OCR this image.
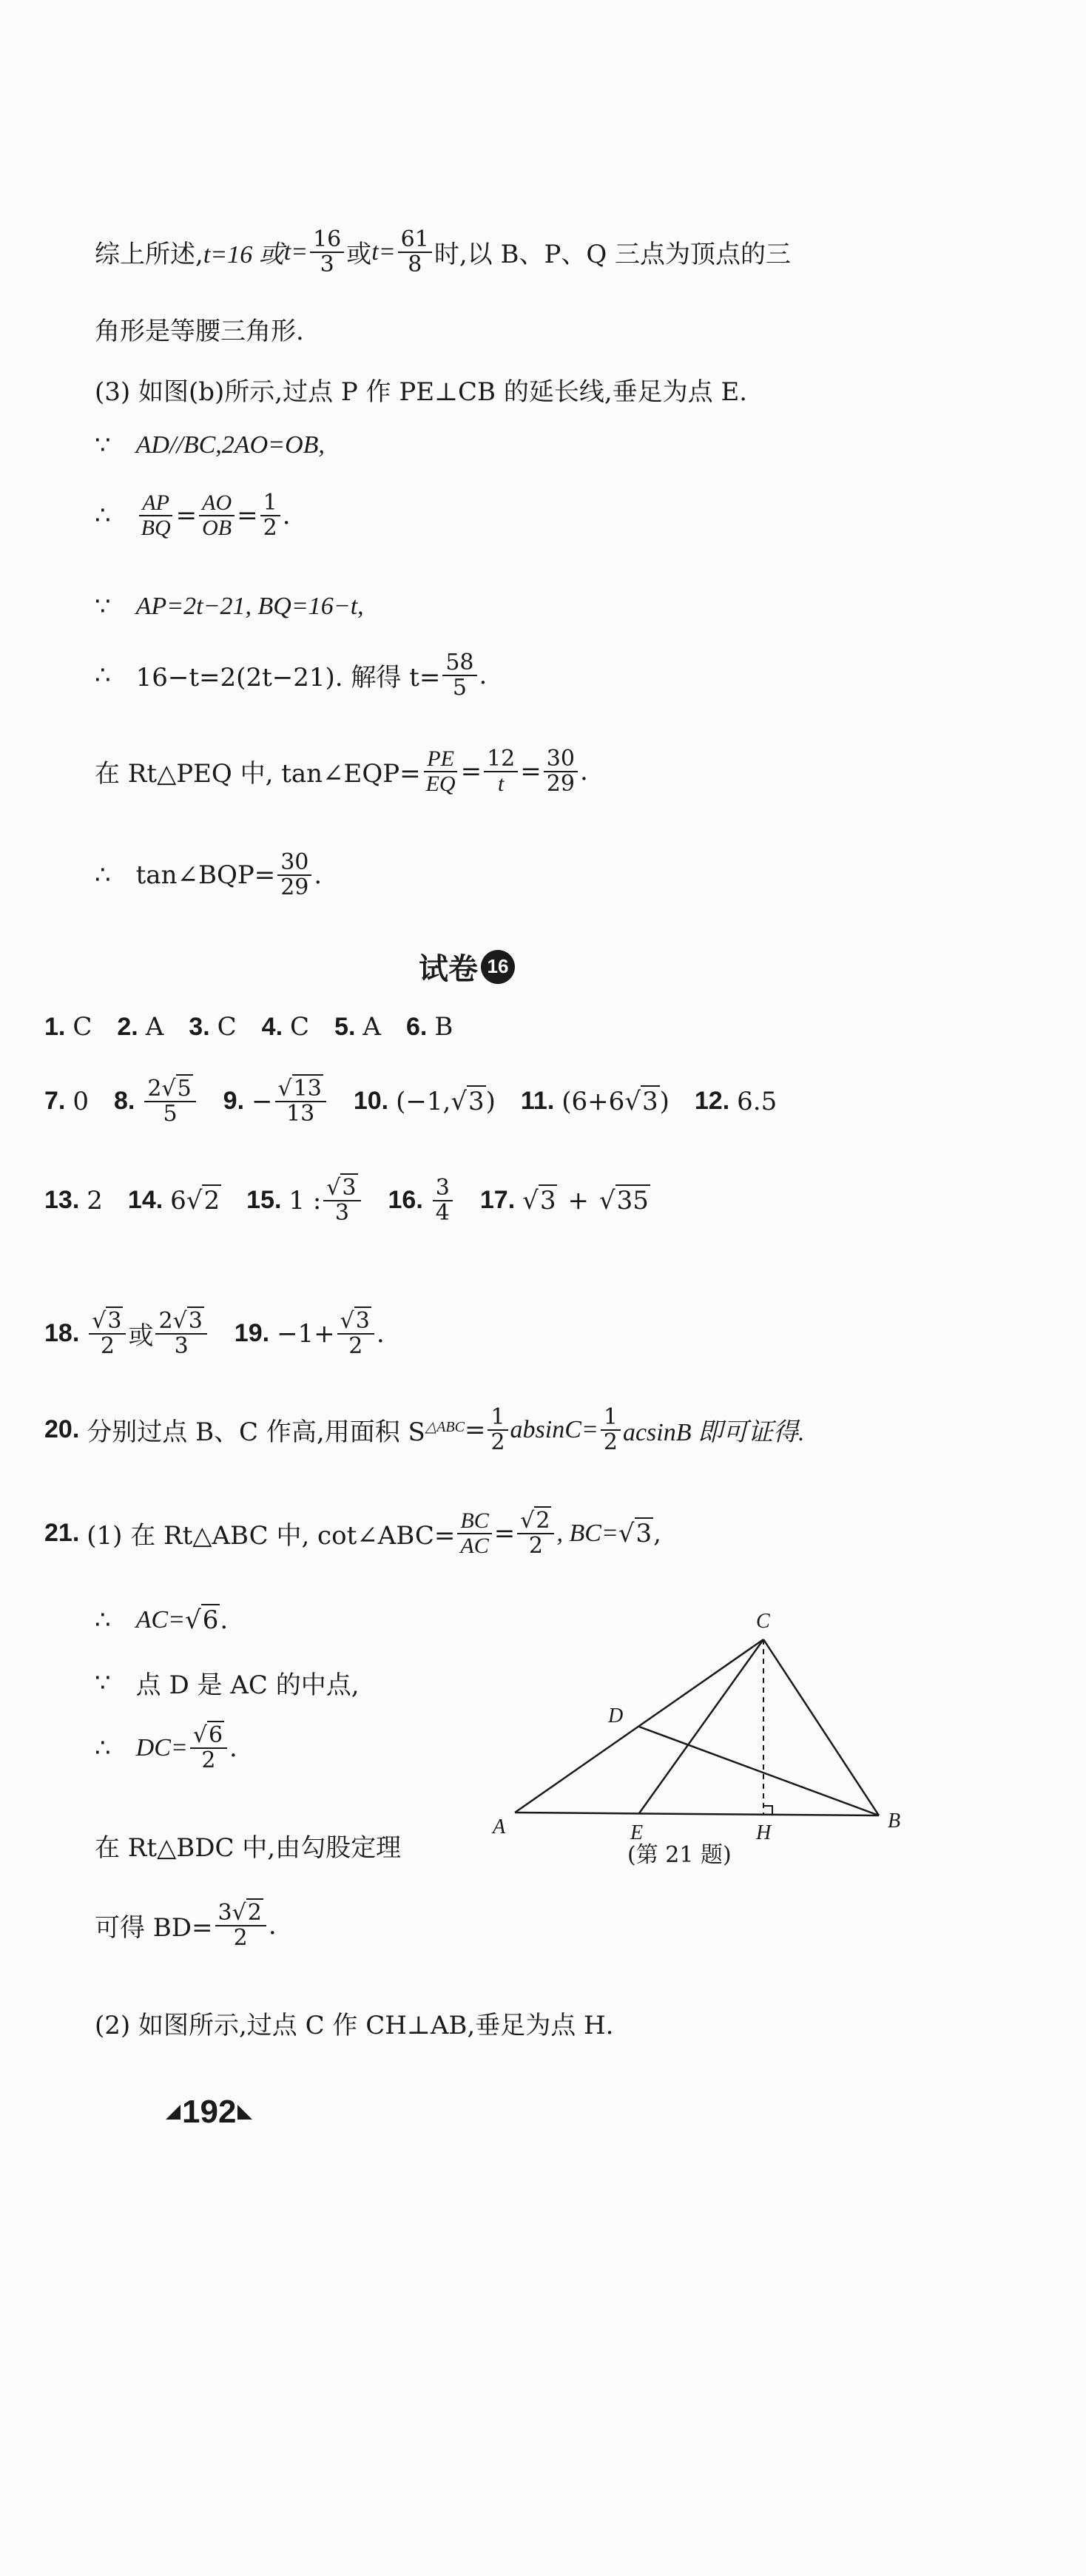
综上所述, t=16 或 $t= \frac{16}{3}$ 或 $t= \frac{61}{8}$ 时,以 B、P、Q 三点为顶点的三
角形是等腰三角形.
(3) 如图(b)所示,过点 P 作 PE⊥CB 的延长线,垂足为点 E.
∵ AD//BC,2AO=OB,
∴ $\frac{AP}{BQ} = \frac{AO}{OB} = \frac{1}{2}$ .
∵ AP=2t−21, BQ=16−t,
∴ 16−t=2(2t−21). 解得 $t= \frac{58}{5}$ .
在 Rt△PEQ 中, tan∠EQP= $\frac{PE}{EQ} = \frac{12}{t} = \frac{30}{29}$ .
∴ tan∠BQP= $\frac{30}{29}$ .
试卷 16
1. C 2. A 3. C 4. C 5. A 6. B
7. 0 8. $\frac{2√5}{5} 9$. − $\frac{√13}{13} 10$. (−1, √3 ) 11. (6+6 √3 ) 12. 6.5
13. 2 14. 6 √2 15. 1 : $\frac{√3}{3} 16$. $\frac{3}{4} 17$. √3 + √35
18. $\frac{√3}{2}$ 或 $\frac{2√3}{3} 19$. $-1+ \frac{√3}{2}$ .
20. 分别过点 B、C 作高,用面积 S △ABC = $\frac{1}{2} absinC= \frac{1}{2}$ acsinB 即可证得.
21. (1) 在 Rt△ABC 中, cot∠ABC= $\frac{BC}{AC} = \frac{√2}{2}$ , BC= √3 ,
∴ AC= √6 .
∵ 点 D 是 AC 的中点,
∴ $DC= \frac{√6}{2}$ .
在 Rt△BDC 中,由勾股定理
可得 $BD= \frac{3√2}{2}$ .
(2) 如图所示,过点 C 作 CH⊥AB,垂足为点 H.
C
D
A	E	H
B
(第 21 题)
192
